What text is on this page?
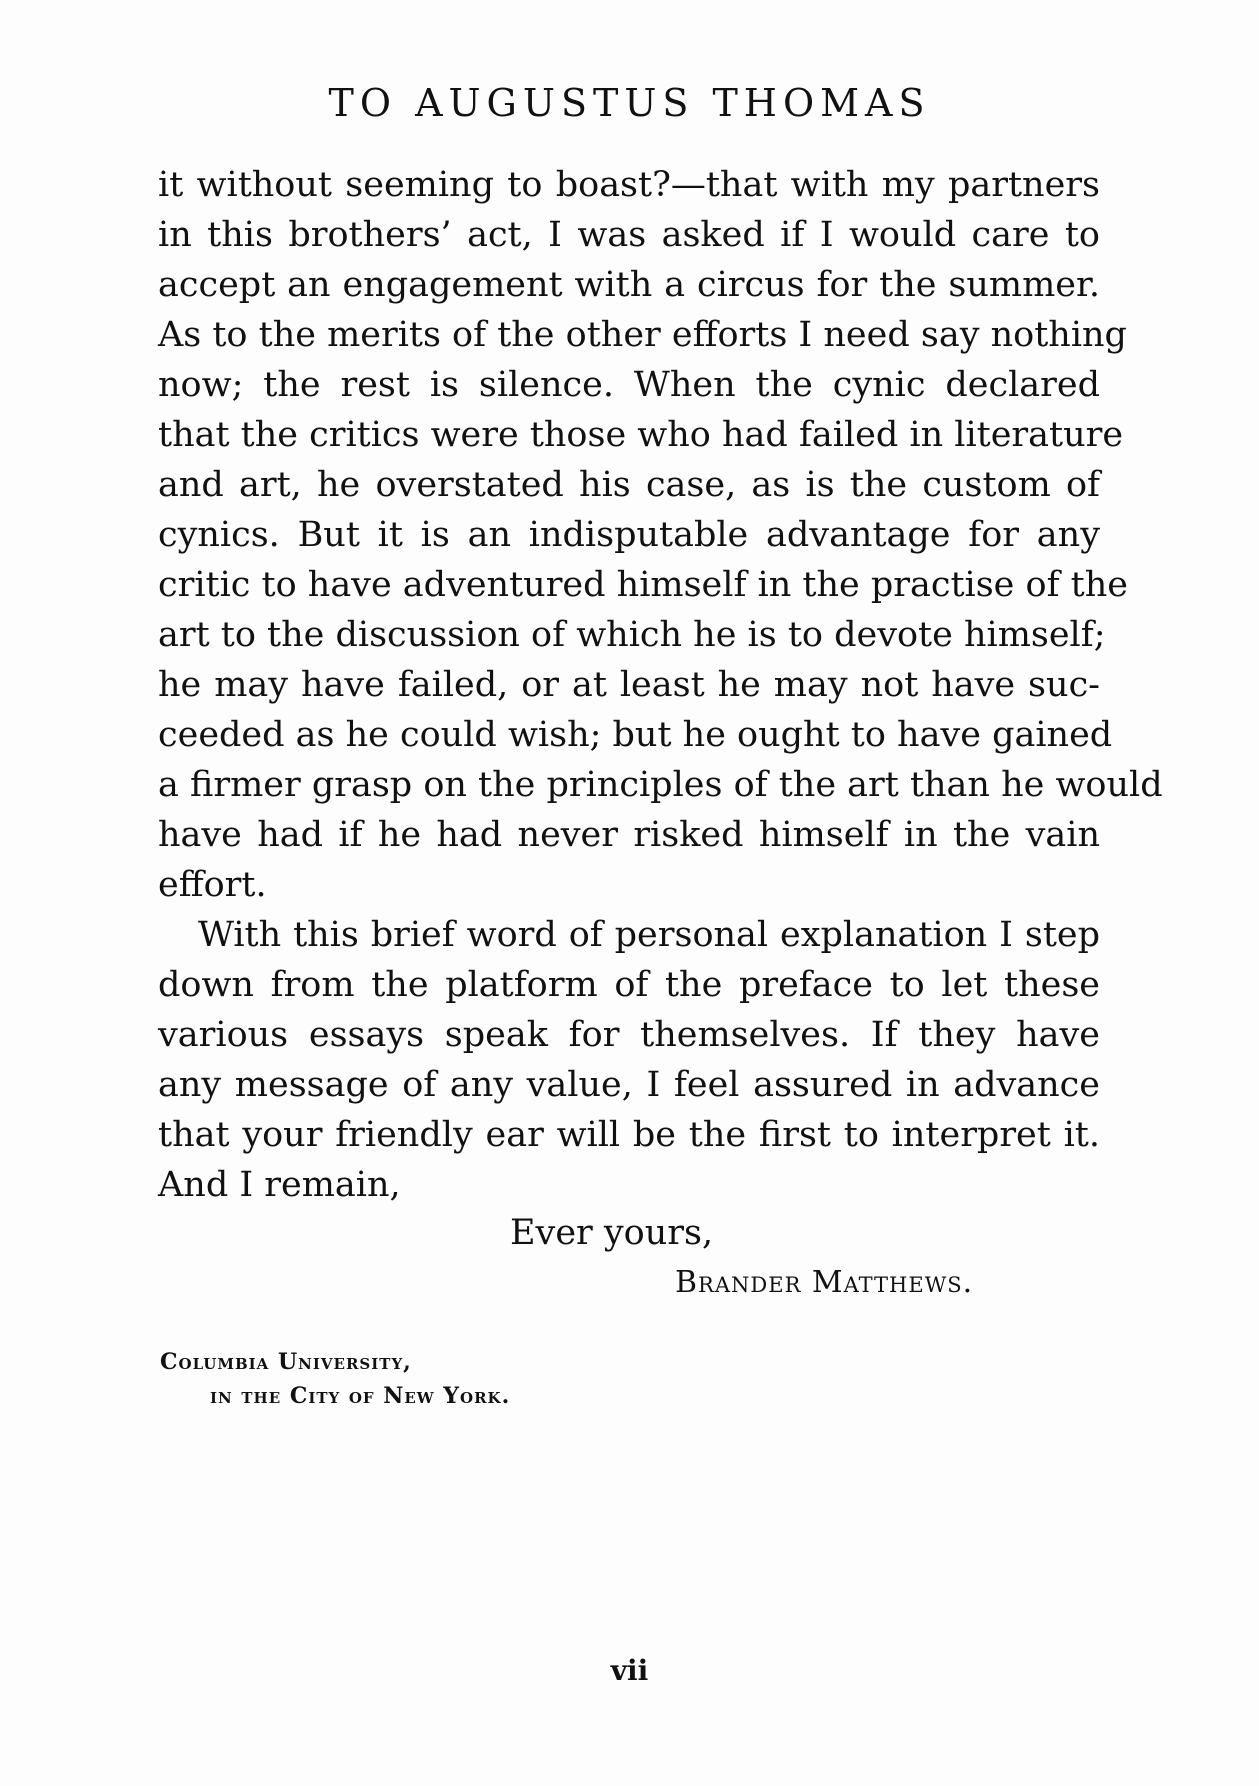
TO AUGUSTUS THOMAS
it without seeming to boast?—that with my partners
in this brothers’ act, I was asked if I would care to
accept an engagement with a circus for the summer.
As to the merits of the other efforts I need say nothing
now; the rest is silence. When the cynic declared
that the critics were those who had failed in literature
and art, he overstated his case, as is the custom of
cynics. But it is an indisputable advantage for any
critic to have adventured himself in the practise of the
art to the discussion of which he is to devote himself;
he may have failed, or at least he may not have suc-
ceeded as he could wish; but he ought to have gained
a firmer grasp on the principles of the art than he would
have had if he had never risked himself in the vain
effort.
With this brief word of personal explanation I step
down from the platform of the preface to let these
various essays speak for themselves. If they have
any message of any value, I feel assured in advance
that your friendly ear will be the first to interpret it.
And I remain,
Ever yours,
Brander Matthews.
Columbia University,
in the City of New York.
vii
